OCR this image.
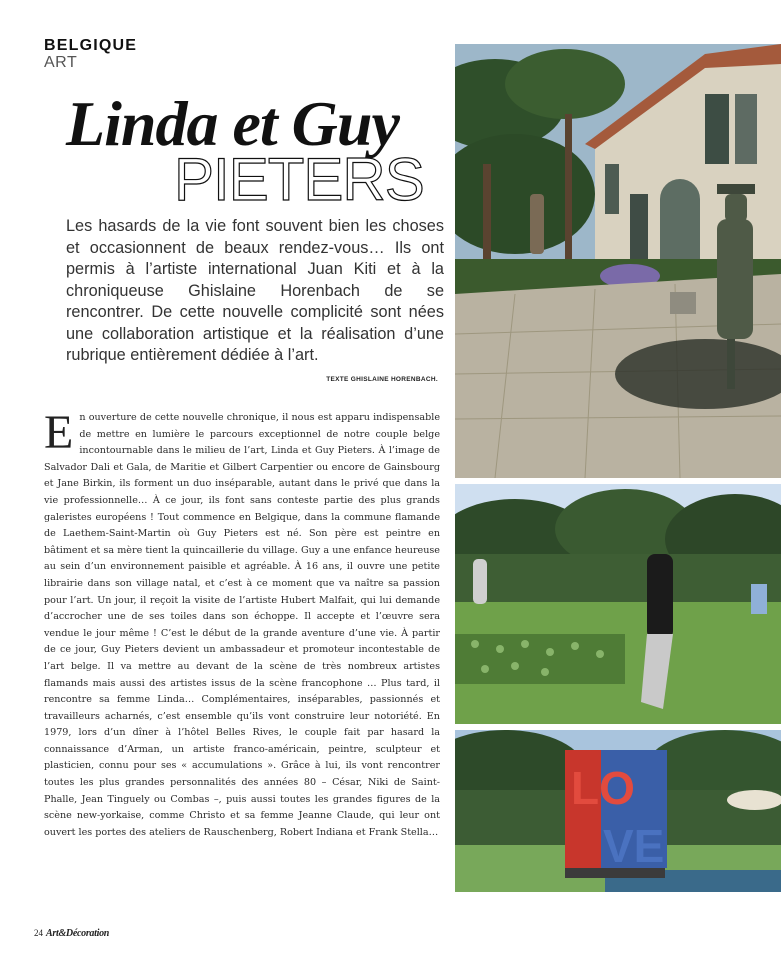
BELGIQUE
ART
Linda et Guy
PIETERS
Les hasards de la vie font souvent bien les choses
et occasionnent de beaux rendez-vous… Ils ont
permis à l’artiste international Juan Kiti et à la
chroniqueuse Ghislaine Horenbach de se
rencontrer. De cette nouvelle complicité sont nées
une collaboration artistique et la réalisation d’une
rubrique entièrement dédiée à l’art.
TEXTE GHISLAINE HORENBACH.
En ouverture de cette nouvelle chronique, il nous est apparu indispensable de mettre en lumière le parcours exceptionnel de notre couple belge incontournable dans le milieu de l’art, Linda et Guy Pieters. À l’image de Salvador Dali et Gala, de Maritie et Gilbert Carpentier ou encore de Gainsbourg et Jane Birkin, ils forment un duo inséparable, autant dans le privé que dans la vie professionnelle… À ce jour, ils font sans conteste partie des plus grands galeristes européens ! Tout commence en Belgique, dans la commune flamande de Laethem-Saint-Martin où Guy Pieters est né. Son père est peintre en bâtiment et sa mère tient la quincaillerie du village. Guy a une enfance heureuse au sein d’un environnement paisible et agréable. À 16 ans, il ouvre une petite librairie dans son village natal, et c’est à ce moment que va naître sa passion pour l’art. Un jour, il reçoit la visite de l’artiste Hubert Malfait, qui lui demande d’accrocher une de ses toiles dans son échoppe. Il accepte et l’œuvre sera vendue le jour même ! C’est le début de la grande aventure d’une vie. À partir de ce jour, Guy Pieters devient un ambassadeur et promoteur incontestable de l’art belge. Il va mettre au devant de la scène de très nombreux artistes flamands mais aussi des artistes issus de la scène francophone … Plus tard, il rencontre sa femme Linda… Complémentaires, inséparables, passionnés et travailleurs acharnés, c’est ensemble qu’ils vont construire leur notoriété. En 1979, lors d’un dîner à l’hôtel Belles Rives, le couple fait par hasard la connaissance d’Arman, un artiste franco-américain, peintre, sculpteur et plasticien, connu pour ses « accumulations ». Grâce à lui, ils vont rencontrer toutes les plus grandes personnalités des années 80 – César, Niki de Saint-Phalle, Jean Tinguely ou Combas –, puis aussi toutes les grandes figures de la scène new-yorkaise, comme Christo et sa femme Jeanne Claude, qui leur ont ouvert les portes des ateliers de Rauschenberg, Robert Indiana et Frank Stella…
LO
VE
24 Art&Décoration
